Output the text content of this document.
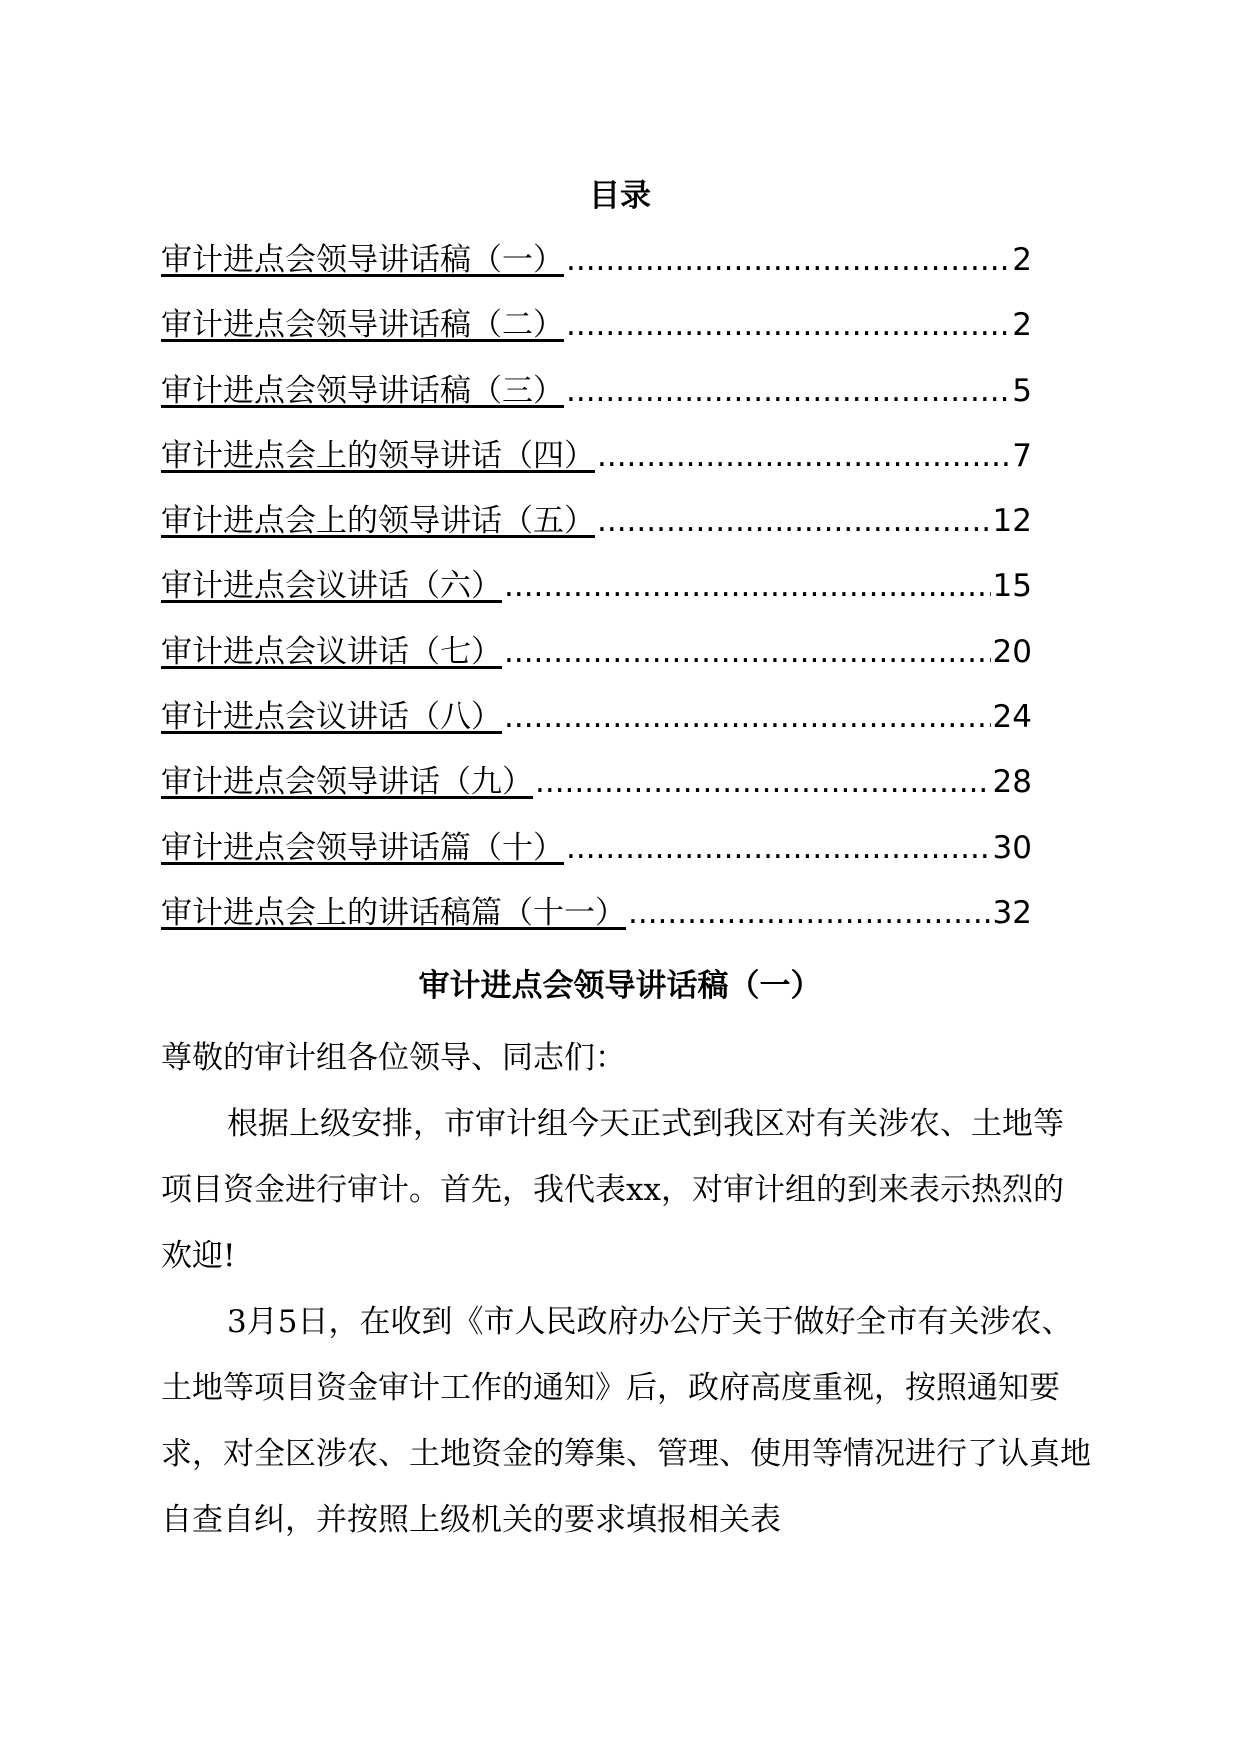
目录
审计进点会领导讲话稿（一） .....	2
审计进点会领导讲话稿（二） .....	2
审计进点会领导讲话稿（三） .....	5
审计进点会上的领导讲话（四） .....	7
审计进点会上的领导讲话（五） .....	12
审计进点会议讲话（六） .....	15
审计进点会议讲话（七） .....	20
审计进点会议讲话（八） .....	24
审计进点会领导讲话（九） .....	28
审计进点会领导讲话篇（十） .....	30
审计进点会上的讲话稿篇（十一） .....	32
审计进点会领导讲话稿（一）

尊敬的审计组各位领导、同志们：

根据上级安排，市审计组今天正式到我区对有关涉农、土地等项目资金进行审计。首先，我代表xx，对审计组的到来表示热烈的欢迎!

3月5日，在收到《市人民政府办公厅关于做好全市有关涉农、土地等项目资金审计工作的通知》后，政府高度重视，按照通知要求，对全区涉农、土地资金的筹集、管理、使用等情况进行了认真地自查自纠，并按照上级机关的要求填报相关表
